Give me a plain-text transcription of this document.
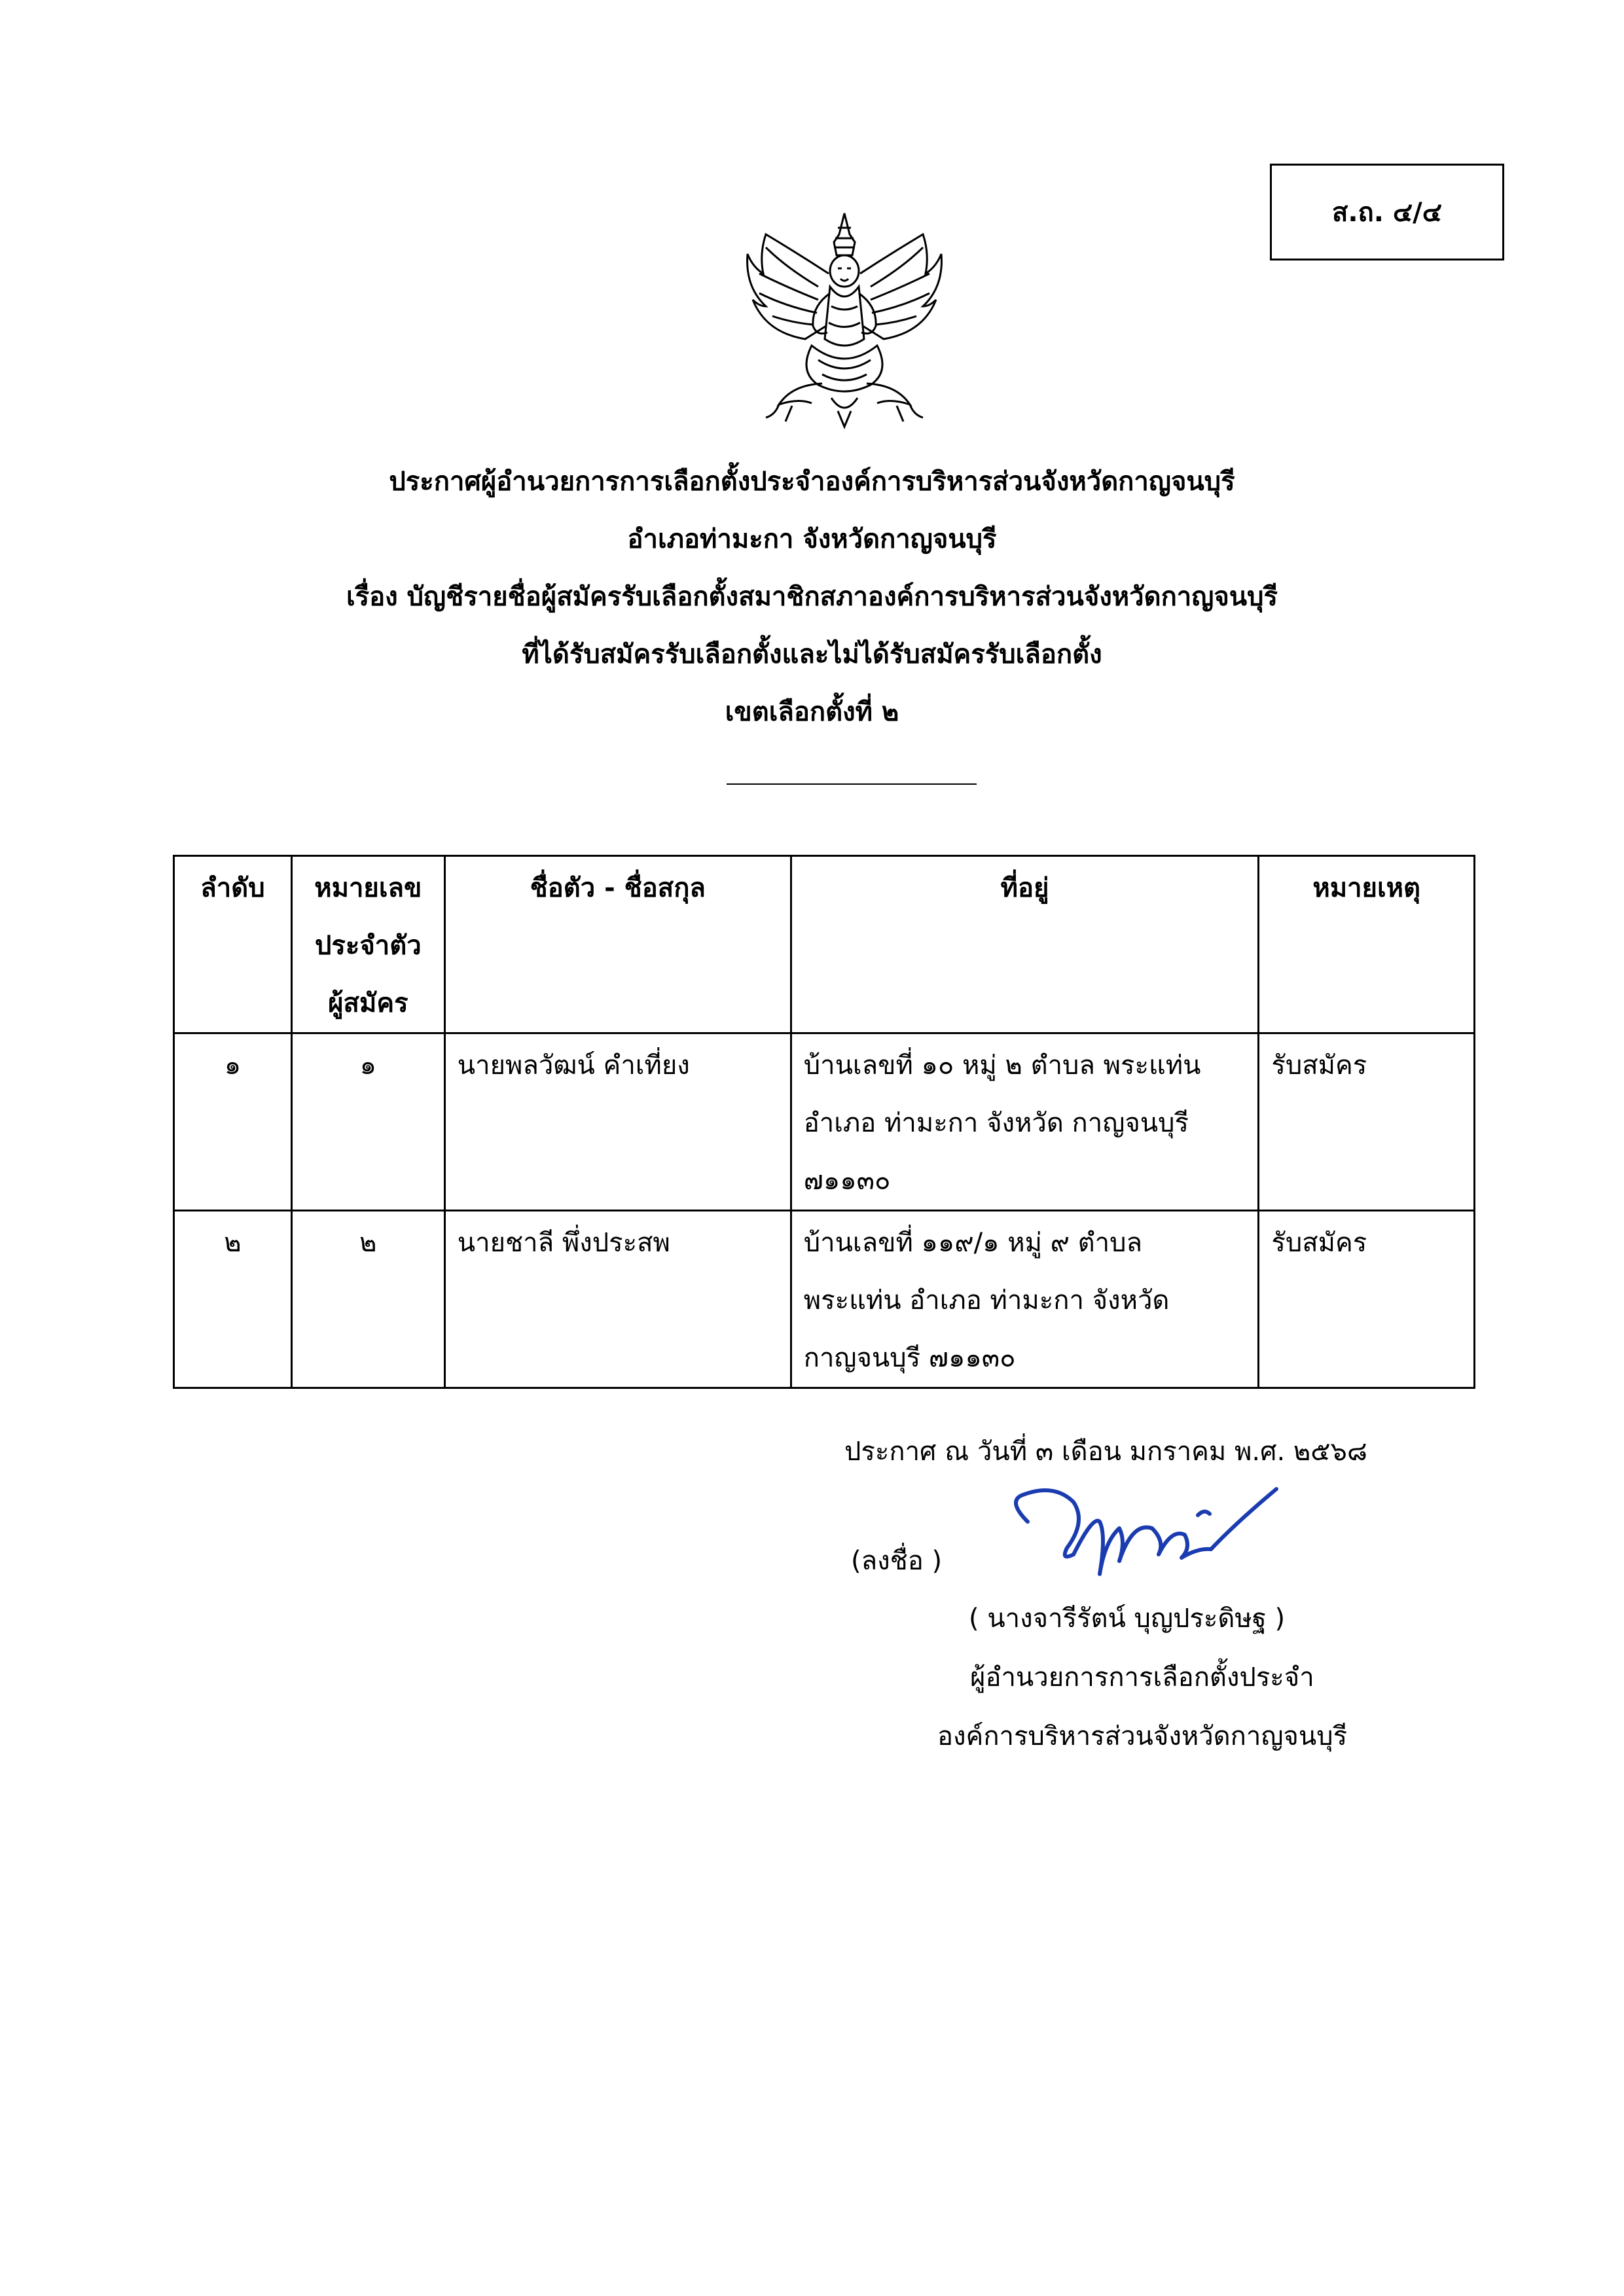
ส.ถ. ๔/๔
ประกาศผู้อำนวยการการเลือกตั้งประจำองค์การบริหารส่วนจังหวัดกาญจนบุรี
อำเภอท่ามะกา จังหวัดกาญจนบุรี
เรื่อง บัญชีรายชื่อผู้สมัครรับเลือกตั้งสมาชิกสภาองค์การบริหารส่วนจังหวัดกาญจนบุรี
ที่ได้รับสมัครรับเลือกตั้งและไม่ได้รับสมัครรับเลือกตั้ง
เขตเลือกตั้งที่ ๒
ลำดับ	หมายเลข
ประจำตัว
ผู้สมัคร	ชื่อตัว - ชื่อสกุล	ที่อยู่	หมายเหตุ
๑	๑	นายพลวัฒน์ คำเที่ยง	บ้านเลขที่ ๑๐ หมู่ ๒ ตำบล พระแท่น
อำเภอ ท่ามะกา จังหวัด กาญจนบุรี
๗๑๑๓๐	รับสมัคร
๒	๒	นายชาลี พึ่งประสพ	บ้านเลขที่ ๑๑๙/๑ หมู่ ๙ ตำบล
พระแท่น อำเภอ ท่ามะกา จังหวัด
กาญจนบุรี ๗๑๑๓๐	รับสมัคร
ประกาศ ณ วันที่ ๓ เดือน มกราคม พ.ศ. ๒๕๖๘
(ลงชื่อ )
( นางจารีรัตน์ บุญประดิษฐ )
ผู้อำนวยการการเลือกตั้งประจำ
องค์การบริหารส่วนจังหวัดกาญจนบุรี
